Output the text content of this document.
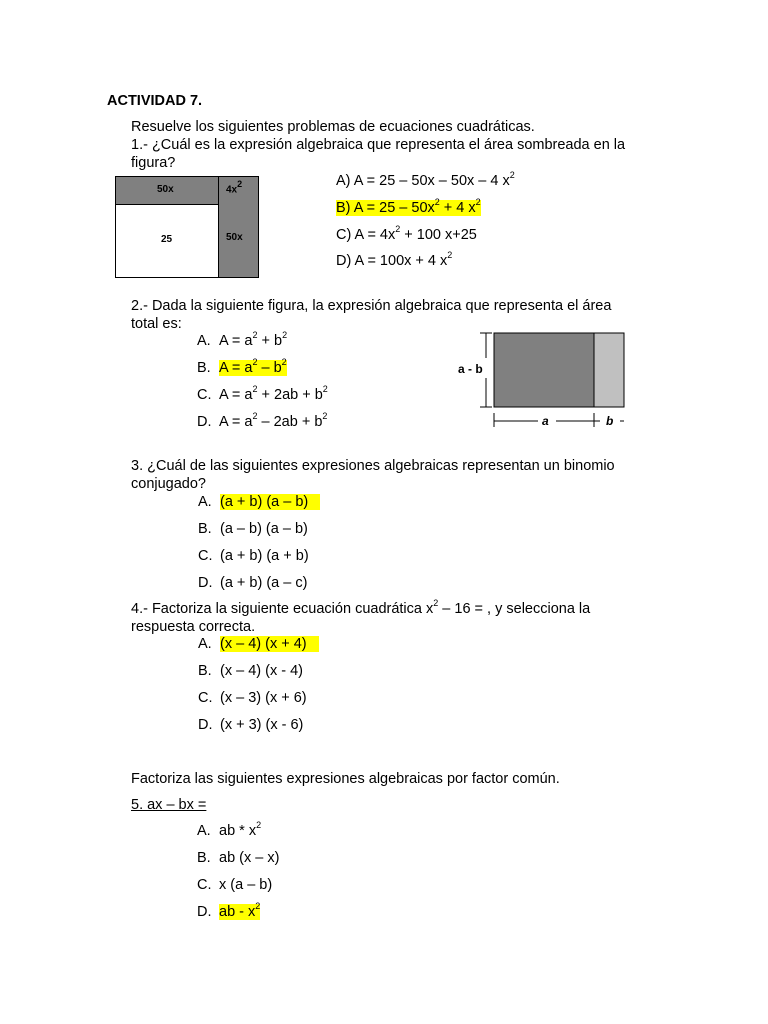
ACTIVIDAD 7.
Resuelve los siguientes problemas de ecuaciones cuadráticas.
1.- ¿Cuál es la expresión algebraica que representa el área sombreada en la
figura?
50x	$4x^2$
25	50x
A) A = 25 – 50x – 50x – 4 $x^2$
B) $A = 25 - 50x^2 + 4$ $x^2$
C) $A = 4x^2 + 100$ x+25
D) A = 100x + 4 $x^2$
2.- Dada la siguiente figura, la expresión algebraica que representa el área
total es:
A. $A = a^2 + b^2$
B. $A = a^2 - b^2$
C. $A = a^2 + 2ab + b^2$
D. $A = a^2 - 2ab + b^2$
a - b
a	b
3. ¿Cuál de las siguientes expresiones algebraicas representan un binomio
conjugado?
A. (a + b) (a – b)
B. (a – b) (a – b)
C. (a + b) (a + b)
D. (a + b) (a – c)
4.- Factoriza la siguiente ecuación cuadrática $x^2 - 16$ = , y selecciona la
respuesta correcta.
A. (x – 4) (x + 4)
B. (x – 4) (x - 4)
C. (x – 3) (x + 6)
D. (x + 3) (x - 6)
Factoriza las siguientes expresiones algebraicas por factor común.
5. ax – bx =
A. ab * $x^2$
B. ab (x – x)
C. x (a – b)
D. ab - $x^2$
